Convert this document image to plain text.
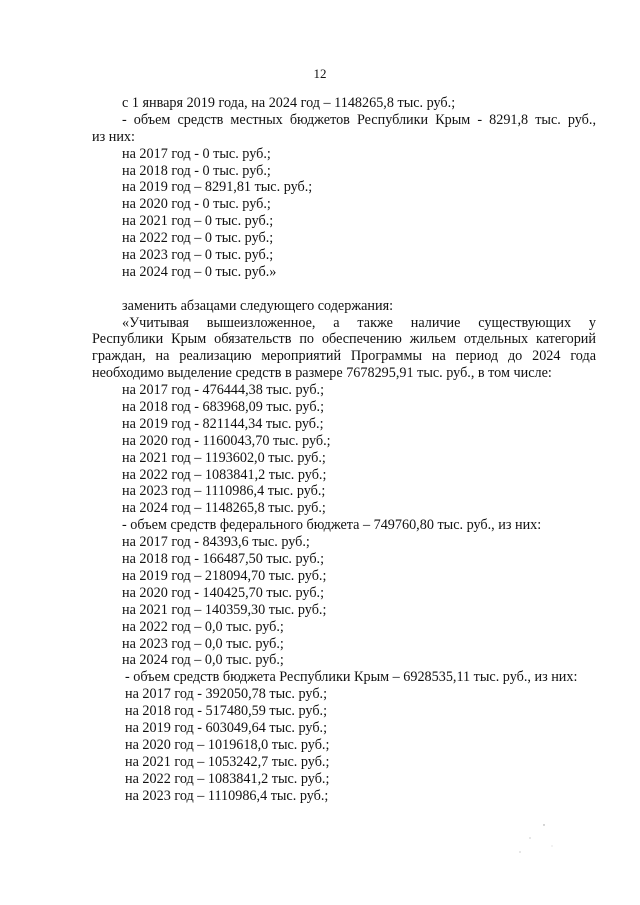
12
с 1 января 2019 года, на 2024 год – 1148265,8 тыс. руб.;
- объем средств местных бюджетов Республики Крым - 8291,8 тыс. руб.,
из них:
на 2017 год - 0 тыс. руб.;
на 2018 год - 0 тыс. руб.;
на 2019 год – 8291,81 тыс. руб.;
на 2020 год - 0 тыс. руб.;
на 2021 год – 0 тыс. руб.;
на 2022 год – 0 тыс. руб.;
на 2023 год – 0 тыс. руб.;
на 2024 год – 0 тыс. руб.»
заменить абзацами следующего содержания:
«Учитывая вышеизложенное, а также наличие существующих у
Республики Крым обязательств по обеспечению жильем отдельных категорий
граждан, на реализацию мероприятий Программы на период до 2024 года
необходимо выделение средств в размере 7678295,91 тыс. руб., в том числе:
на 2017 год - 476444,38 тыс. руб.;
на 2018 год - 683968,09 тыс. руб.;
на 2019 год - 821144,34 тыс. руб.;
на 2020 год - 1160043,70 тыс. руб.;
на 2021 год – 1193602,0 тыс. руб.;
на 2022 год – 1083841,2 тыс. руб.;
на 2023 год – 1110986,4 тыс. руб.;
на 2024 год – 1148265,8 тыс. руб.;
- объем средств федерального бюджета – 749760,80 тыс. руб., из них:
на 2017 год - 84393,6 тыс. руб.;
на 2018 год - 166487,50 тыс. руб.;
на 2019 год – 218094,70 тыс. руб.;
на 2020 год - 140425,70 тыс. руб.;
на 2021 год – 140359,30 тыс. руб.;
на 2022 год – 0,0 тыс. руб.;
на 2023 год – 0,0 тыс. руб.;
на 2024 год – 0,0 тыс. руб.;
- объем средств бюджета Республики Крым – 6928535,11 тыс. руб., из них:
на 2017 год - 392050,78 тыс. руб.;
на 2018 год - 517480,59 тыс. руб.;
на 2019 год - 603049,64 тыс. руб.;
на 2020 год – 1019618,0 тыс. руб.;
на 2021 год – 1053242,7 тыс. руб.;
на 2022 год – 1083841,2 тыс. руб.;
на 2023 год – 1110986,4 тыс. руб.;
